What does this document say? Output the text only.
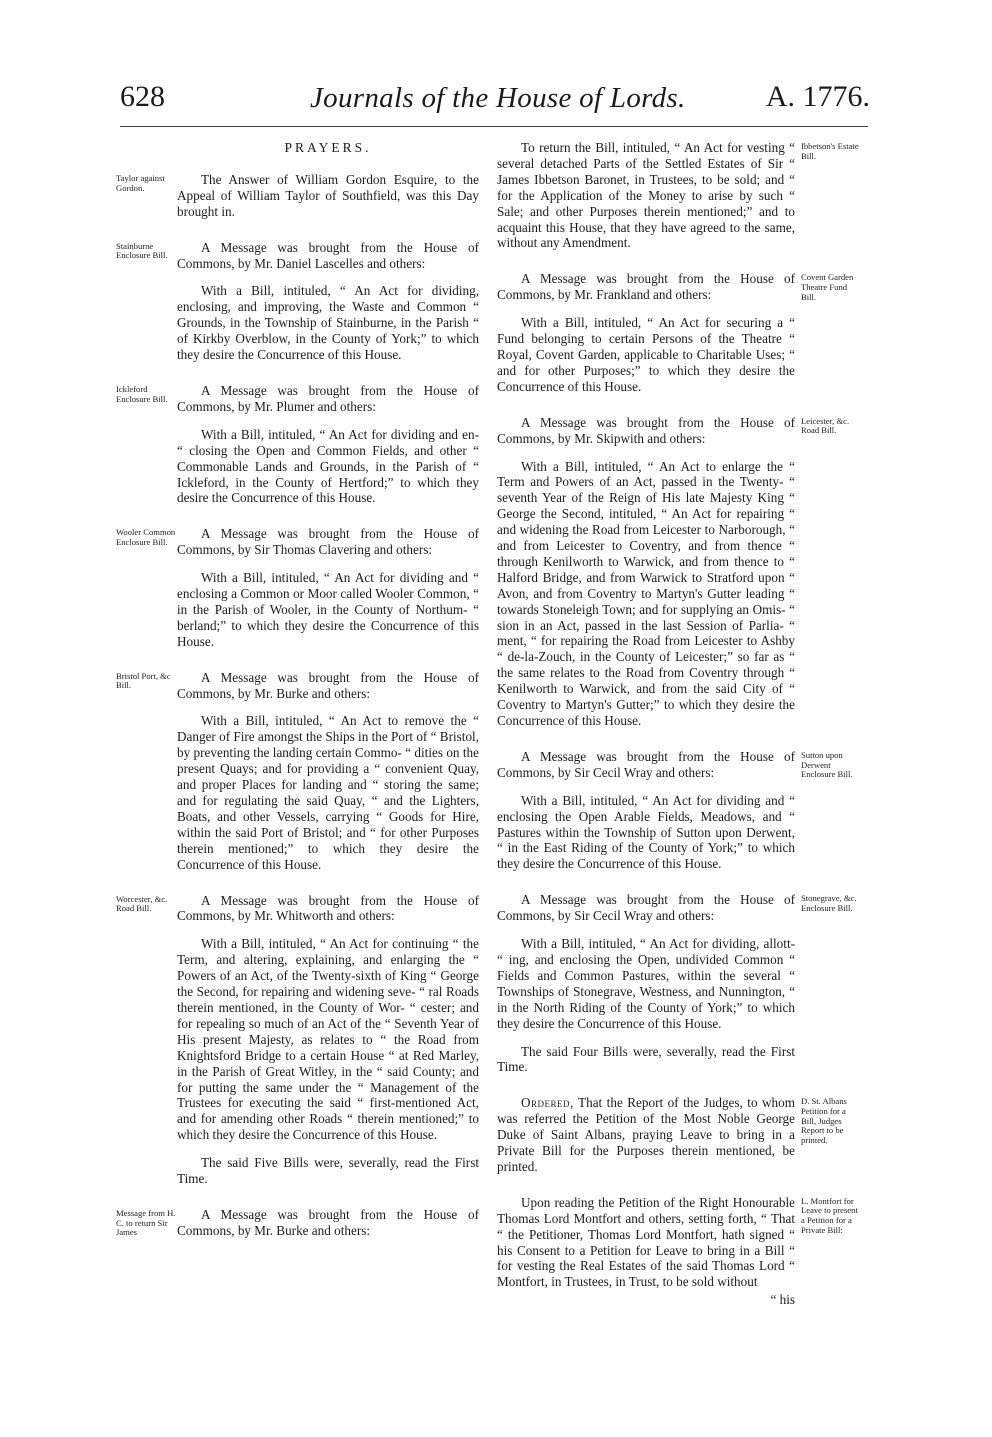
628	Journals of the House of Lords.	A. 1776.
PRAYERS.
Taylor against Gordon.

The Answer of William Gordon Esquire, to the Appeal of William Taylor of Southfield, was this Day brought in.

Stainburne Enclosure Bill.

A Message was brought from the House of Commons, by Mr. Daniel Lascelles and others:

With a Bill, intituled, “ An Act for dividing, enclosing, and improving, the Waste and Common “ Grounds, in the Township of Stainburne, in the Parish “ of Kirkby Overblow, in the County of York;” to which they desire the Concurrence of this House.

Ickleford Enclosure Bill.

A Message was brought from the House of Commons, by Mr. Plumer and others:

With a Bill, intituled, “ An Act for dividing and en- “ closing the Open and Common Fields, and other “ Commonable Lands and Grounds, in the Parish of “ Ickleford, in the County of Hertford;” to which they desire the Concurrence of this House.

Wooler Common Enclosure Bill.

A Message was brought from the House of Commons, by Sir Thomas Clavering and others:

With a Bill, intituled, “ An Act for dividing and “ enclosing a Common or Moor called Wooler Common, “ in the Parish of Wooler, in the County of Northum- “ berland;” to which they desire the Concurrence of this House.

Bristol Port, &c Bill.

A Message was brought from the House of Commons, by Mr. Burke and others:

With a Bill, intituled, “ An Act to remove the “ Danger of Fire amongst the Ships in the Port of “ Bristol, by preventing the landing certain Commo- “ dities on the present Quays; and for providing a “ convenient Quay, and proper Places for landing and “ storing the same; and for regulating the said Quay, “ and the Lighters, Boats, and other Vessels, carrying “ Goods for Hire, within the said Port of Bristol; and “ for other Purposes therein mentioned;” to which they desire the Concurrence of this House.

Worcester, &c. Road Bill.

A Message was brought from the House of Commons, by Mr. Whitworth and others:

With a Bill, intituled, “ An Act for continuing “ the Term, and altering, explaining, and enlarging the “ Powers of an Act, of the Twenty-sixth of King “ George the Second, for repairing and widening seve- “ ral Roads therein mentioned, in the County of Wor- “ cester; and for repealing so much of an Act of the “ Seventh Year of His present Majesty, as relates to “ the Road from Knightsford Bridge to a certain House “ at Red Marley, in the Parish of Great Witley, in the “ said County; and for putting the same under the “ Management of the Trustees for executing the said “ first-mentioned Act, and for amending other Roads “ therein mentioned;” to which they desire the Concurrence of this House.

The said Five Bills were, severally, read the First Time.

Message from H. C. to return Sir James

A Message was brought from the House of Commons, by Mr. Burke and others:

Ibbetson's Estate Bill.

To return the Bill, intituled, “ An Act for vesting “ several detached Parts of the Settled Estates of Sir “ James Ibbetson Baronet, in Trustees, to be sold; and “ for the Application of the Money to arise by such “ Sale; and other Purposes therein mentioned;” and to acquaint this House, that they have agreed to the same, without any Amendment.

Covent Garden Theatre Fund Bill.

A Message was brought from the House of Commons, by Mr. Frankland and others:

With a Bill, intituled, “ An Act for securing a “ Fund belonging to certain Persons of the Theatre “ Royal, Covent Garden, applicable to Charitable Uses; “ and for other Purposes;” to which they desire the Concurrence of this House.

Leicester, &c. Road Bill.

A Message was brought from the House of Commons, by Mr. Skipwith and others:

With a Bill, intituled, “ An Act to enlarge the “ Term and Powers of an Act, passed in the Twenty- “ seventh Year of the Reign of His late Majesty King “ George the Second, intituled, “ An Act for repairing “ and widening the Road from Leicester to Narborough, “ and from Leicester to Coventry, and from thence “ through Kenilworth to Warwick, and from thence to “ Halford Bridge, and from Warwick to Stratford upon “ Avon, and from Coventry to Martyn's Gutter leading “ towards Stoneleigh Town; and for supplying an Omis- “ sion in an Act, passed in the last Session of Parlia- “ ment, “ for repairing the Road from Leicester to Ashby “ de-la-Zouch, in the County of Leicester;” so far as “ the same relates to the Road from Coventry through “ Kenilworth to Warwick, and from the said City of “ Coventry to Martyn's Gutter;” to which they desire the Concurrence of this House.

Sutton upon Derwent Enclosure Bill.

A Message was brought from the House of Commons, by Sir Cecil Wray and others:

With a Bill, intituled, “ An Act for dividing and “ enclosing the Open Arable Fields, Meadows, and “ Pastures within the Township of Sutton upon Derwent, “ in the East Riding of the County of York;” to which they desire the Concurrence of this House.

Stonegrave, &c. Enclosure Bill.

A Message was brought from the House of Commons, by Sir Cecil Wray and others:

With a Bill, intituled, “ An Act for dividing, allott- “ ing, and enclosing the Open, undivided Common “ Fields and Common Pastures, within the several “ Townships of Stonegrave, Westness, and Nunnington, “ in the North Riding of the County of York;” to which they desire the Concurrence of this House.

The said Four Bills were, severally, read the First Time.

D. St. Albans Petition for a Bill, Judges Report to be printed.

Ordered, That the Report of the Judges, to whom was referred the Petition of the Most Noble George Duke of Saint Albans, praying Leave to bring in a Private Bill for the Purposes therein mentioned, be printed.

L. Montfort for Leave to present a Petition for a Private Bill:

Upon reading the Petition of the Right Honourable Thomas Lord Montfort and others, setting forth, “ That “ the Petitioner, Thomas Lord Montfort, hath signed “ his Consent to a Petition for Leave to bring in a Bill “ for vesting the Real Estates of the said Thomas Lord “ Montfort, in Trustees, in Trust, to be sold without

“ his
